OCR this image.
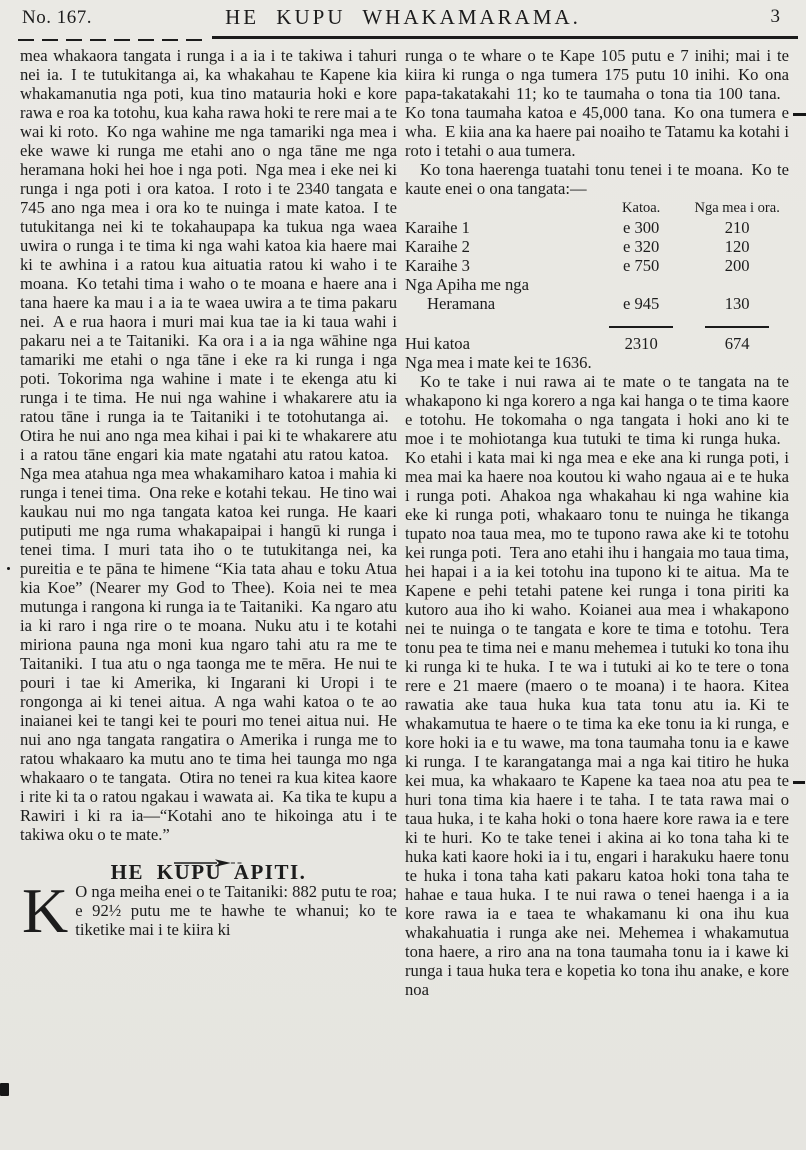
No. 167.	HE KUPU WHAKAMARAMA.	3

mea whakaora tangata i runga i a ia i te takiwa i tahuri nei ia. I te tutukitanga ai, ka whakahau te Kapene kia whakamanutia nga poti, kua tino matauria hoki e kore rawa e roa ka totohu, kua kaha rawa hoki te rere mai a te wai ki roto. Ko nga wahine me nga tamariki nga mea i eke wawe ki runga me etahi ano o nga tāne me nga heramana hoki hei hoe i nga poti. Nga mea i eke nei ki runga i nga poti i ora katoa. I roto i te 2340 tangata e 745 ano nga mea i ora ko te nuinga i mate katoa. I te tutukitanga nei ki te tokahaupapa ka tukua nga waea uwira o runga i te tima ki nga wahi katoa kia haere mai ki te awhina i a ratou kua aituatia ratou ki waho i te moana. Ko tetahi tima i waho o te moana e haere ana i tana haere ka mau i a ia te waea uwira a te tima pakaru nei. A e rua haora i muri mai kua tae ia ki taua wahi i pakaru nei a te Taitaniki. Ka ora i a ia nga wāhine nga tamariki me etahi o nga tāne i eke ra ki runga i nga poti. Tokorima nga wahine i mate i te ekenga atu ki runga i te tima. He nui nga wahine i whakarere atu ia ratou tāne i runga ia te Taitaniki i te totohutanga ai. Otira he nui ano nga mea kihai i pai ki te whakarere atu i a ratou tāne engari kia mate ngatahi atu ratou katoa. Nga mea atahua nga mea whakamiharo katoa i mahia ki runga i tenei tima. Ona reke e kotahi tekau. He tino wai kaukau nui mo nga tangata katoa kei runga. He kaari putiputi me nga ruma whakapaipai i hangū ki runga i tenei tima. I muri tata iho o te tutukitanga nei, ka pureitia e te pāna te himene “Kia tata ahau e toku Atua kia Koe” (Nearer my God to Thee). Koia nei te mea mutunga i rangona ki runga ia te Taitaniki. Ka ngaro atu ia ki raro i nga rire o te moana. Nuku atu i te kotahi miriona pauna nga moni kua ngaro tahi atu ra me te Taitaniki. I tua atu o nga taonga me te mēra. He nui te pouri i tae ki Amerika, ki Ingarani ki Uropi i te rongonga ai ki tenei aitua. A nga wahi katoa o te ao inaianei kei te tangi kei te pouri mo tenei aitua nui. He nui ano nga tangata rangatira o Amerika i runga me to ratou whakaaro ka mutu ano te tima hei taunga mo nga whakaaro o te tangata. Otira no tenei ra kua kitea kaore i rite ki ta o ratou ngakau i wawata ai. Ka tika te kupu a Rawiri i ki ra ia—“Kotahi ano te hikoinga atu i te takiwa oku o te mate.”

HE KUPU APITI.

K O nga meiha enei o te Taitaniki: 882 putu te roa; e 92½ putu me te hawhe te whanui; ko te tiketike mai i te kiira ki

runga o te whare o te Kape 105 putu e 7 inihi; mai i te kiira ki runga o nga tumera 175 putu 10 inihi. Ko ona papa-takatakahi 11; ko te taumaha o tona tia 100 tana. Ko tona taumaha katoa e 45,000 tana. Ko ona tumera e wha. E kiia ana ka haere pai noaiho te Tatamu ka kotahi i roto i tetahi o aua tumera.

Ko tona haerenga tuatahi tonu tenei i te moana. Ko te kaute enei o ona tangata:—

	Katoa.	Nga mea i ora.
Karaihe 1	e 300	210
Karaihe 2	e 320	120
Karaihe 3	e 750	200

Nga Apiha me nga
Heramana	e 945	130

Hui katoa	2310	674

Nga mea i mate kei te 1636.

Ko te take i nui rawa ai te mate o te tangata na te whakapono ki nga korero a nga kai hanga o te tima kaore e totohu. He tokomaha o nga tangata i hoki ano ki te moe i te mohiotanga kua tutuki te tima ki runga huka. Ko etahi i kata mai ki nga mea e eke ana ki runga poti, i mea mai ka haere noa koutou ki waho ngaua ai e te huka i runga poti. Ahakoa nga whakahau ki nga wahine kia eke ki runga poti, whakaaro tonu te nuinga he tikanga tupato noa taua mea, mo te tupono rawa ake ki te totohu kei runga poti. Tera ano etahi ihu i hangaia mo taua tima, hei hapai i a ia kei totohu ina tupono ki te aitua. Ma te Kapene e pehi tetahi patene kei runga i tona piriti ka kutoro aua iho ki waho. Koianei aua mea i whakapono nei te nuinga o te tangata e kore te tima e totohu. Tera tonu pea te tima nei e manu mehemea i tutuki ko tona ihu ki runga ki te huka. I te wa i tutuki ai ko te tere o tona rere e 21 maere (maero o te moana) i te haora. Kitea rawatia ake taua huka kua tata tonu atu ia. Ki te whakamutua te haere o te tima ka eke tonu ia ki runga, e kore hoki ia e tu wawe, ma tona taumaha tonu ia e kawe ki runga. I te karangatanga mai a nga kai titiro he huka kei mua, ka whakaaro te Kapene ka taea noa atu pea te huri tona tima kia haere i te taha. I te tata rawa mai o taua huka, i te kaha hoki o tona haere kore rawa ia e tere ki te huri. Ko te take tenei i akina ai ko tona taha ki te huka kati kaore hoki ia i tu, engari i harakuku haere tonu te huka i tona taha kati pakaru katoa hoki tona taha te hahae e taua huka. I te nui rawa o tenei haenga i a ia kore rawa ia e taea te whakamanu ki ona ihu kua whakahuatia i runga ake nei. Mehemea i whakamutua tona haere, a riro ana na tona taumaha tonu ia i kawe ki runga i taua huka tera e kopetia ko tona ihu anake, e kore noa
